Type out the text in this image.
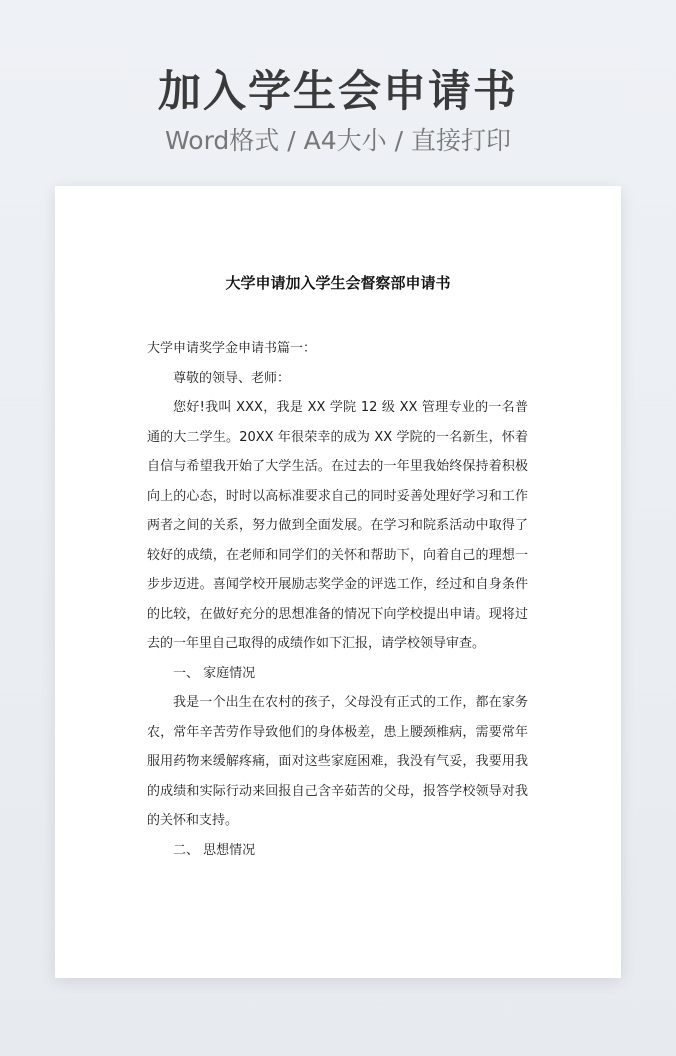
加入学生会申请书
Word格式 / A4大小 / 直接打印
大学申请加入学生会督察部申请书

大学申请奖学金申请书篇一：

尊敬的领导、老师：

您好!我叫 XXX，我是 XX 学院 12 级 XX 管理专业的一名普通的大二学生。20XX 年很荣幸的成为 XX 学院的一名新生，怀着自信与希望我开始了大学生活。在过去的一年里我始终保持着积极向上的心态，时时以高标准要求自己的同时妥善处理好学习和工作两者之间的关系，努力做到全面发展。在学习和院系活动中取得了较好的成绩，在老师和同学们的关怀和帮助下，向着自己的理想一步步迈进。喜闻学校开展励志奖学金的评选工作，经过和自身条件的比较，在做好充分的思想准备的情况下向学校提出申请。现将过去的一年里自己取得的成绩作如下汇报，请学校领导审查。

一、 家庭情况

我是一个出生在农村的孩子，父母没有正式的工作，都在家务农，常年辛苦劳作导致他们的身体极差，患上腰颈椎病，需要常年服用药物来缓解疼痛，面对这些家庭困难，我没有气妥，我要用我的成绩和实际行动来回报自己含辛茹苦的父母，报答学校领导对我的关怀和支持。

二、 思想情况
